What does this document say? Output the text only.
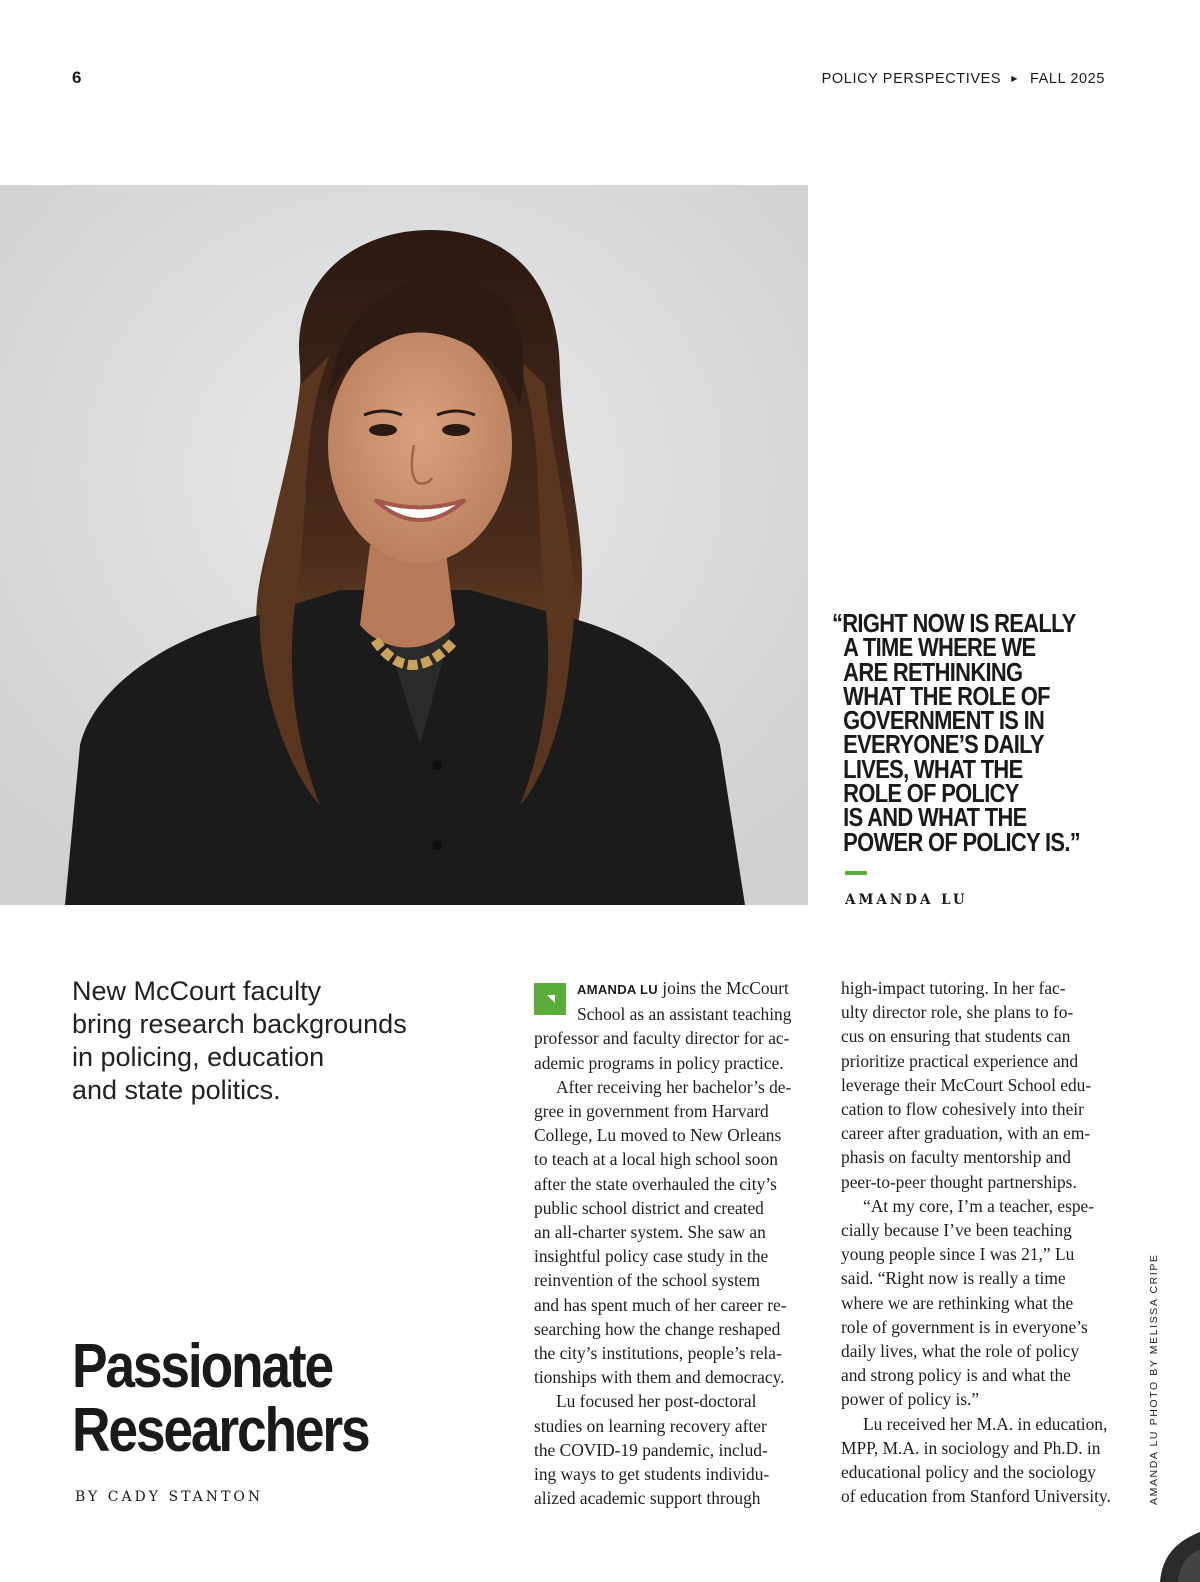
6	POLICY PERSPECTIVES ▶ FALL 2025
“RIGHT NOW IS REALLY
A TIME WHERE WE
ARE RETHINKING
WHAT THE ROLE OF
GOVERNMENT IS IN
EVERYONE’S DAILY
LIVES, WHAT THE
ROLE OF POLICY
IS AND WHAT THE
POWER OF POLICY IS.”
AMANDA LU
New McCourt faculty
bring research backgrounds
in policing, education
and state politics.
Passionate
Researchers
BY CADY STANTON
AMANDA LU joins the McCourt
School as an assistant teaching
professor and faculty director for ac-
ademic programs in policy practice.
After receiving her bachelor’s de-
gree in government from Harvard
College, Lu moved to New Orleans
to teach at a local high school soon
after the state overhauled the city’s
public school district and created
an all-charter system. She saw an
insightful policy case study in the
reinvention of the school system
and has spent much of her career re-
searching how the change reshaped
the city’s institutions, people’s rela-
tionships with them and democracy.
Lu focused her post-doctoral
studies on learning recovery after
the COVID-19 pandemic, includ-
ing ways to get students individu-
alized academic support through
high-impact tutoring. In her fac-
ulty director role, she plans to fo-
cus on ensuring that students can
prioritize practical experience and
leverage their McCourt School edu-
cation to flow cohesively into their
career after graduation, with an em-
phasis on faculty mentorship and
peer-to-peer thought partnerships.
“At my core, I’m a teacher, espe-
cially because I’ve been teaching
young people since I was 21,” Lu
said. “Right now is really a time
where we are rethinking what the
role of government is in everyone’s
daily lives, what the role of policy
and strong policy is and what the
power of policy is.”
Lu received her M.A. in education,
MPP, M.A. in sociology and Ph.D. in
educational policy and the sociology
of education from Stanford University.	AMANDA LU PHOTO BY MELISSA CRIPE
